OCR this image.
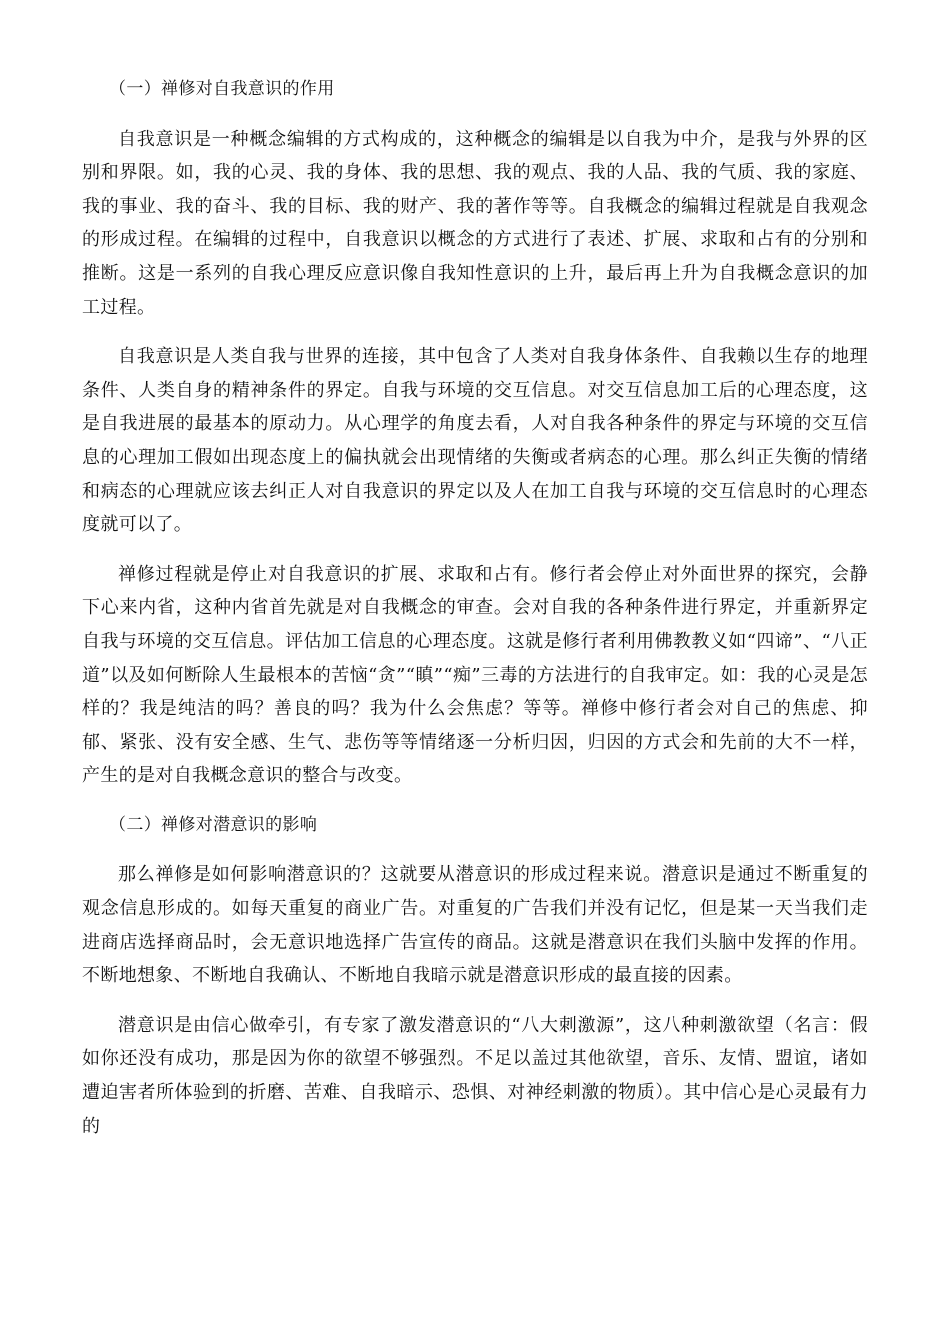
（一）禅修对自我意识的作用

自我意识是一种概念编辑的方式构成的，这种概念的编辑是以自我为中介，是我与外界的区别和界限。如，我的心灵、我的身体、我的思想、我的观点、我的人品、我的气质、我的家庭、我的事业、我的奋斗、我的目标、我的财产、我的著作等等。自我概念的编辑过程就是自我观念的形成过程。在编辑的过程中，自我意识以概念的方式进行了表述、扩展、求取和占有的分别和推断。这是一系列的自我心理反应意识像自我知性意识的上升，最后再上升为自我概念意识的加工过程。

自我意识是人类自我与世界的连接，其中包含了人类对自我身体条件、自我赖以生存的地理条件、人类自身的精神条件的界定。自我与环境的交互信息。对交互信息加工后的心理态度，这是自我进展的最基本的原动力。从心理学的角度去看，人对自我各种条件的界定与环境的交互信息的心理加工假如出现态度上的偏执就会出现情绪的失衡或者病态的心理。那么纠正失衡的情绪和病态的心理就应该去纠正人对自我意识的界定以及人在加工自我与环境的交互信息时的心理态度就可以了。

禅修过程就是停止对自我意识的扩展、求取和占有。修行者会停止对外面世界的探究，会静下心来内省，这种内省首先就是对自我概念的审查。会对自我的各种条件进行界定，并重新界定自我与环境的交互信息。评估加工信息的心理态度。这就是修行者利用佛教教义如“四谛”、“八正道”以及如何断除人生最根本的苦恼“贪”“瞋”“痴”三毒的方法进行的自我审定。如：我的心灵是怎样的？我是纯洁的吗？善良的吗？我为什么会焦虑？等等。禅修中修行者会对自己的焦虑、抑郁、紧张、没有安全感、生气、悲伤等等情绪逐一分析归因，归因的方式会和先前的大不一样，产生的是对自我概念意识的整合与改变。

（二）禅修对潜意识的影响

那么禅修是如何影响潜意识的？这就要从潜意识的形成过程来说。潜意识是通过不断重复的观念信息形成的。如每天重复的商业广告。对重复的广告我们并没有记忆，但是某一天当我们走进商店选择商品时，会无意识地选择广告宣传的商品。这就是潜意识在我们头脑中发挥的作用。不断地想象、不断地自我确认、不断地自我暗示就是潜意识形成的最直接的因素。

潜意识是由信心做牵引，有专家了激发潜意识的“八大刺激源”，这八种刺激欲望（名言：假如你还没有成功，那是因为你的欲望不够强烈。不足以盖过其他欲望，音乐、友情、盟谊，诸如遭迫害者所体验到的折磨、苦难、自我暗示、恐惧、对神经刺激的物质）。其中信心是心灵最有力的
